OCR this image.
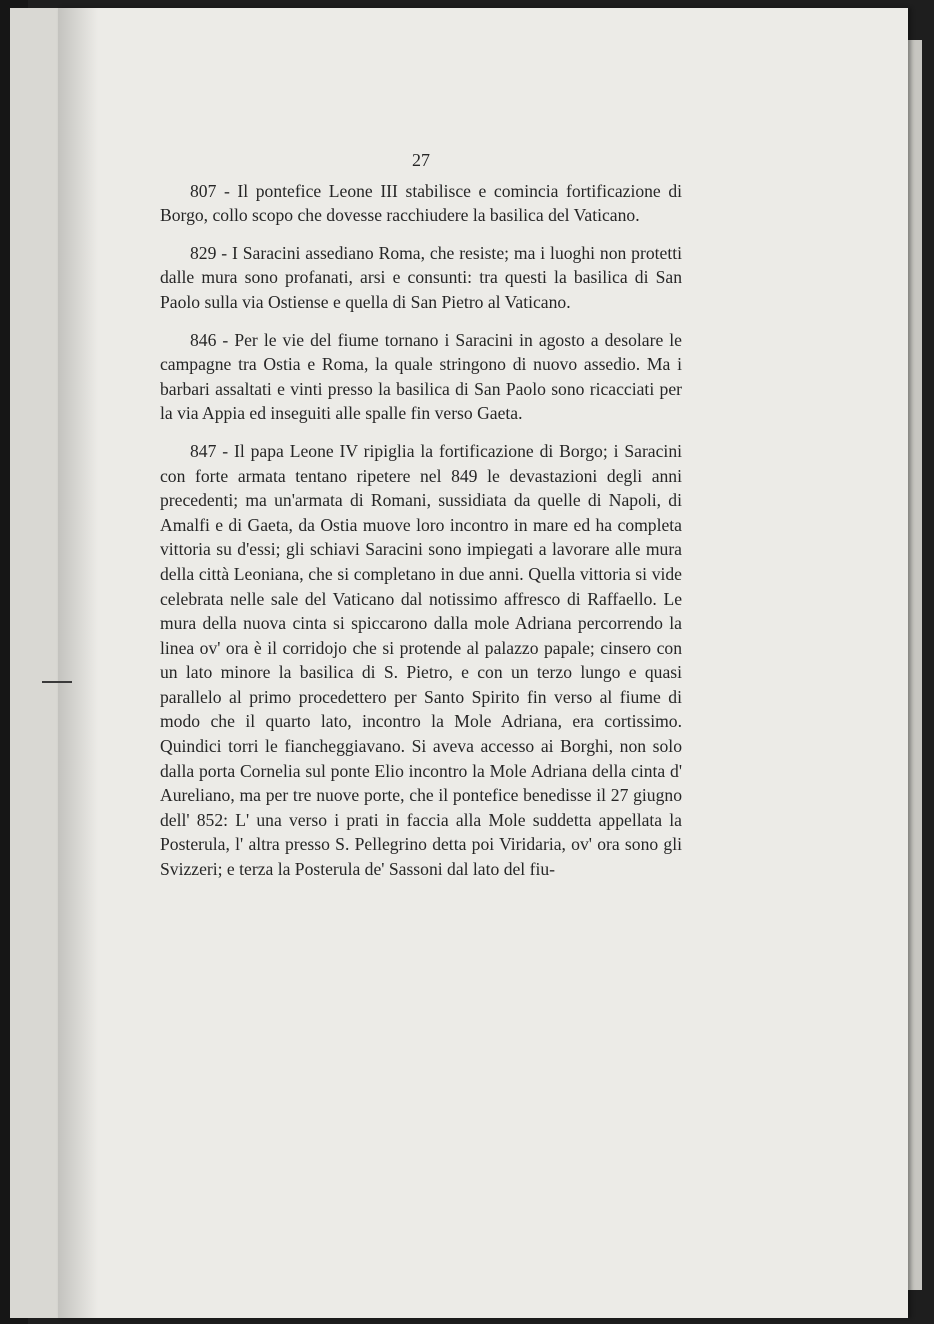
27

807 - Il pontefice Leone III stabilisce e comincia fortificazione di Borgo, collo scopo che dovesse racchiudere la basilica del Vaticano.

829 - I Saracini assediano Roma, che resiste; ma i luoghi non protetti dalle mura sono profanati, arsi e consunti: tra questi la basilica di San Paolo sulla via Ostiense e quella di San Pietro al Vaticano.

846 - Per le vie del fiume tornano i Saracini in agosto a desolare le campagne tra Ostia e Roma, la quale stringono di nuovo assedio. Ma i barbari assaltati e vinti presso la basilica di San Paolo sono ricacciati per la via Appia ed inseguiti alle spalle fin verso Gaeta.

847 - Il papa Leone IV ripiglia la fortificazione di Borgo; i Saracini con forte armata tentano ripetere nel 849 le devastazioni degli anni precedenti; ma un'armata di Romani, sussidiata da quelle di Napoli, di Amalfi e di Gaeta, da Ostia muove loro incontro in mare ed ha completa vittoria su d'essi; gli schiavi Saracini sono impiegati a lavorare alle mura della città Leoniana, che si completano in due anni. Quella vittoria si vide celebrata nelle sale del Vaticano dal notissimo affresco di Raffaello. Le mura della nuova cinta si spiccarono dalla mole Adriana percorrendo la linea ov' ora è il corridojo che si protende al palazzo papale; cinsero con un lato minore la basilica di S. Pietro, e con un terzo lungo e quasi parallelo al primo procedettero per Santo Spirito fin verso al fiume di modo che il quarto lato, incontro la Mole Adriana, era cortissimo. Quindici torri le fiancheggiavano. Si aveva accesso ai Borghi, non solo dalla porta Cornelia sul ponte Elio incontro la Mole Adriana della cinta d' Aureliano, ma per tre nuove porte, che il pontefice benedisse il 27 giugno dell' 852: L' una verso i prati in faccia alla Mole suddetta appellata la Posterula, l' altra presso S. Pellegrino detta poi Viridaria, ov' ora sono gli Svizzeri; e terza la Posterula de' Sassoni dal lato del fiu-
